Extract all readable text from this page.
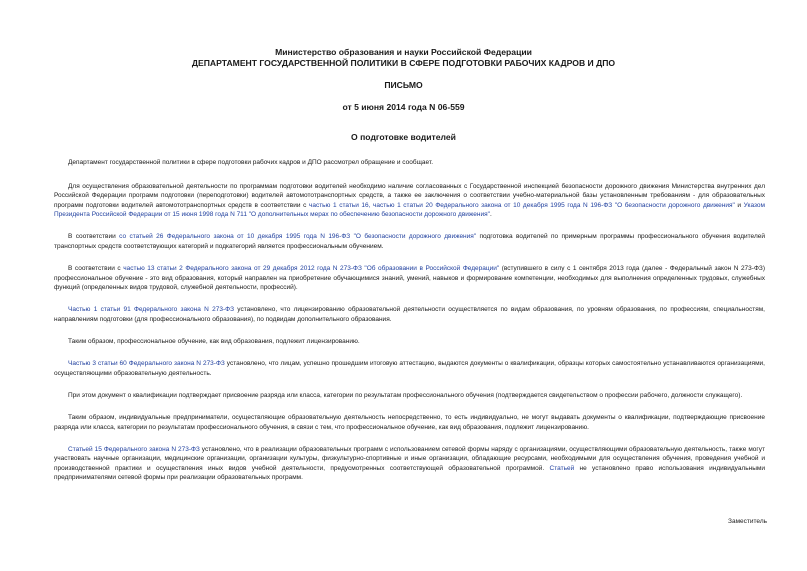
Министерство образования и науки Российской Федерации
ДЕПАРТАМЕНТ ГОСУДАРСТВЕННОЙ ПОЛИТИКИ В СФЕРЕ ПОДГОТОВКИ РАБОЧИХ КАДРОВ И ДПО
ПИСЬМО
от 5 июня 2014 года N 06-559
О подготовке водителей

Департамент государственной политики в сфере подготовки рабочих кадров и ДПО рассмотрел обращение и сообщает.

Для осуществления образовательной деятельности по программам подготовки водителей необходимо наличие согласованных с Государственной инспекцией безопасности дорожного движения Министерства внутренних дел Российской Федерации программ подготовки (переподготовки) водителей автомототранспортных средств, а также ее заключения о соответствии учебно-материальной базы установленным требованиям - для образовательных программ подготовки водителей автомототранспортных средств в соответствии с частью 1 статьи 16, частью 1 статьи 20 Федерального закона от 10 декабря 1995 года N 196-ФЗ "О безопасности дорожного движения" и Указом Президента Российской Федерации от 15 июня 1998 года N 711 "О дополнительных мерах по обеспечению безопасности дорожного движения".

В соответствии со статьей 26 Федерального закона от 10 декабря 1995 года N 196-ФЗ "О безопасности дорожного движения" подготовка водителей по примерным программы профессионального обучения водителей транспортных средств соответствующих категорий и подкатегорий является профессиональным обучением.

В соответствии с частью 13 статьи 2 Федерального закона от 29 декабря 2012 года N 273-ФЗ "Об образовании в Российской Федерации" (вступившего в силу с 1 сентября 2013 года (далее - Федеральный закон N 273-ФЗ) профессиональное обучение - это вид образования, который направлен на приобретение обучающимися знаний, умений, навыков и формирование компетенции, необходимых для выполнения определенных трудовых, служебных функций (определенных видов трудовой, служебной деятельности, профессий).

Частью 1 статьи 91 Федерального закона N 273-ФЗ установлено, что лицензированию образовательной деятельности осуществляется по видам образования, по уровням образования, по профессиям, специальностям, направлениям подготовки (для профессионального образования), по подвидам дополнительного образования.

Таким образом, профессиональное обучение, как вид образования, подлежит лицензированию.

Частью 3 статьи 60 Федерального закона N 273-ФЗ установлено, что лицам, успешно прошедшим итоговую аттестацию, выдаются документы о квалификации, образцы которых самостоятельно устанавливаются организациями, осуществляющими образовательную деятельность.

При этом документ о квалификации подтверждает присвоение разряда или класса, категории по результатам профессионального обучения (подтверждается свидетельством о профессии рабочего, должности служащего).

Таким образом, индивидуальные предприниматели, осуществляющие образовательную деятельность непосредственно, то есть индивидуально, не могут выдавать документы о квалификации, подтверждающие присвоение разряда или класса, категории по результатам профессионального обучения, в связи с тем, что профессиональное обучение, как вид образования, подлежит лицензированию.

Статьей 15 Федерального закона N 273-ФЗ установлено, что в реализации образовательных программ с использованием сетевой формы наряду с организациями, осуществляющими образовательную деятельность, также могут участвовать научные организации, медицинские организации, организации культуры, физкультурно-спортивные и иные организации, обладающие ресурсами, необходимыми для осуществления обучения, проведения учебной и производственной практики и осуществления иных видов учебной деятельности, предусмотренных соответствующей образовательной программой. Статьей не установлено право использования индивидуальными предпринимателями сетевой формы при реализации образовательных программ.

Заместитель
